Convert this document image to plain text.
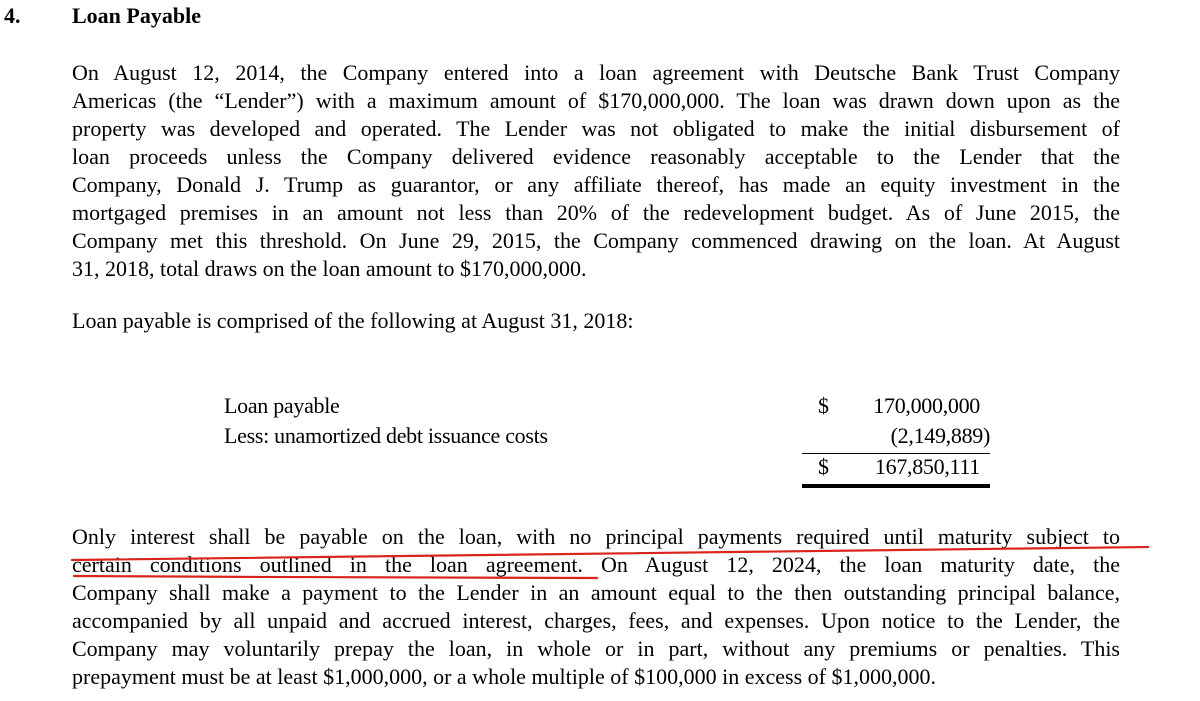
4. Loan Payable
On August 12, 2014, the Company entered into a loan agreement with Deutsche Bank Trust Company
Americas (the “Lender”) with a maximum amount of $170,000,000. The loan was drawn down upon as the
property was developed and operated. The Lender was not obligated to make the initial disbursement of
loan proceeds unless the Company delivered evidence reasonably acceptable to the Lender that the
Company, Donald J. Trump as guarantor, or any affiliate thereof, has made an equity investment in the
mortgaged premises in an amount not less than 20% of the redevelopment budget. As of June 2015, the
Company met this threshold. On June 29, 2015, the Company commenced drawing on the loan. At August
31, 2018, total draws on the loan amount to $170,000,000.
Loan payable is comprised of the following at August 31, 2018:
Loan payable	$ 170,000,000
Less: unamortized debt issuance costs	(2,149,889)
$ 167,850,111
Only interest shall be payable on the loan, with no principal payments required until maturity subject to
certain conditions outlined in the loan agreement. On August 12, 2024, the loan maturity date, the
Company shall make a payment to the Lender in an amount equal to the then outstanding principal balance,
accompanied by all unpaid and accrued interest, charges, fees, and expenses. Upon notice to the Lender, the
Company may voluntarily prepay the loan, in whole or in part, without any premiums or penalties. This
prepayment must be at least $1,000,000, or a whole multiple of $100,000 in excess of $1,000,000.
